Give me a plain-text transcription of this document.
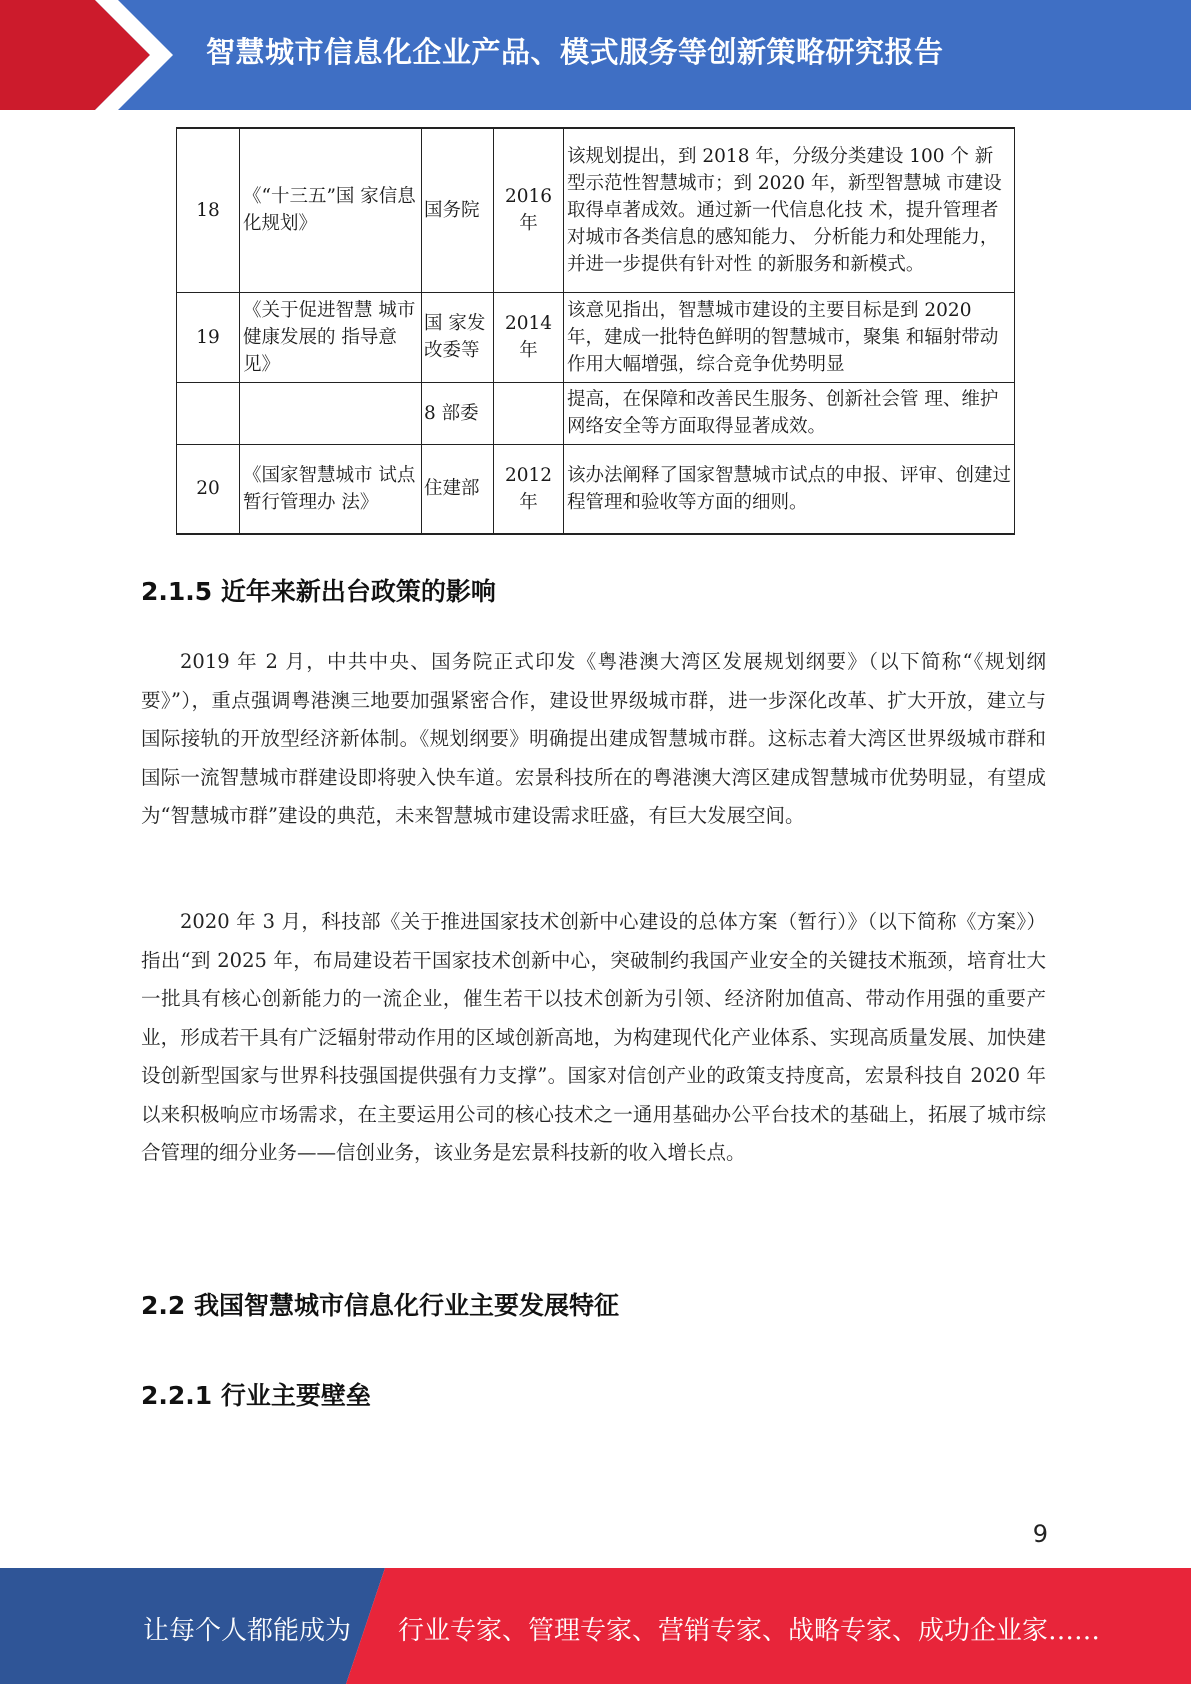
智慧城市信息化企业产品、模式服务等创新策略研究报告
18	《“十三五”国 家信息化规划》	国务院	2016年	该规划提出，到 2018 年，分级分类建设 100 个 新型示范性智慧城市；到 2020 年，新型智慧城 市建设取得卓著成效。通过新一代信息化技 术，提升管理者对城市各类信息的感知能力、 分析能力和处理能力，并进一步提供有针对性 的新服务和新模式。
19	《关于促进智慧 城市健康发展的 指导意见》	国 家发 改委等	2014年	该意见指出，智慧城市建设的主要目标是到 2020 年，建成一批特色鲜明的智慧城市，聚集 和辐射带动作用大幅增强，综合竞争优势明显
		8 部委		提高，在保障和改善民生服务、创新社会管 理、维护网络安全等方面取得显著成效。
20	《国家智慧城市 试点暂行管理办 法》	住建部	2012年	该办法阐释了国家智慧城市试点的申报、评审、创建过程管理和验收等方面的细则。
2.1.5 近年来新出台政策的影响
2019 年 2 月，中共中央、国务院正式印发《粤港澳大湾区发展规划纲要》（以下简称“《规划纲要》”），重点强调粤港澳三地要加强紧密合作，建设世界级城市群，进一步深化改革、扩大开放，建立与国际接轨的开放型经济新体制。《规划纲要》明确提出建成智慧城市群。这标志着大湾区世界级城市群和国际一流智慧城市群建设即将驶入快车道。宏景科技所在的粤港澳大湾区建成智慧城市优势明显，有望成为“智慧城市群”建设的典范，未来智慧城市建设需求旺盛，有巨大发展空间。
2020 年 3 月，科技部《关于推进国家技术创新中心建设的总体方案（暂行）》（以下简称《方案》）指出“到 2025 年，布局建设若干国家技术创新中心，突破制约我国产业安全的关键技术瓶颈，培育壮大一批具有核心创新能力的一流企业，催生若干以技术创新为引领、经济附加值高、带动作用强的重要产业，形成若干具有广泛辐射带动作用的区域创新高地，为构建现代化产业体系、实现高质量发展、加快建设创新型国家与世界科技强国提供强有力支撑”。国家对信创产业的政策支持度高，宏景科技自 2020 年以来积极响应市场需求，在主要运用公司的核心技术之一通用基础办公平台技术的基础上，拓展了城市综合管理的细分业务——信创业务，该业务是宏景科技新的收入增长点。
2.2 我国智慧城市信息化行业主要发展特征
2.2.1 行业主要壁垒
9
让每个人都能成为 行业专家、管理专家、营销专家、战略专家、成功企业家……
